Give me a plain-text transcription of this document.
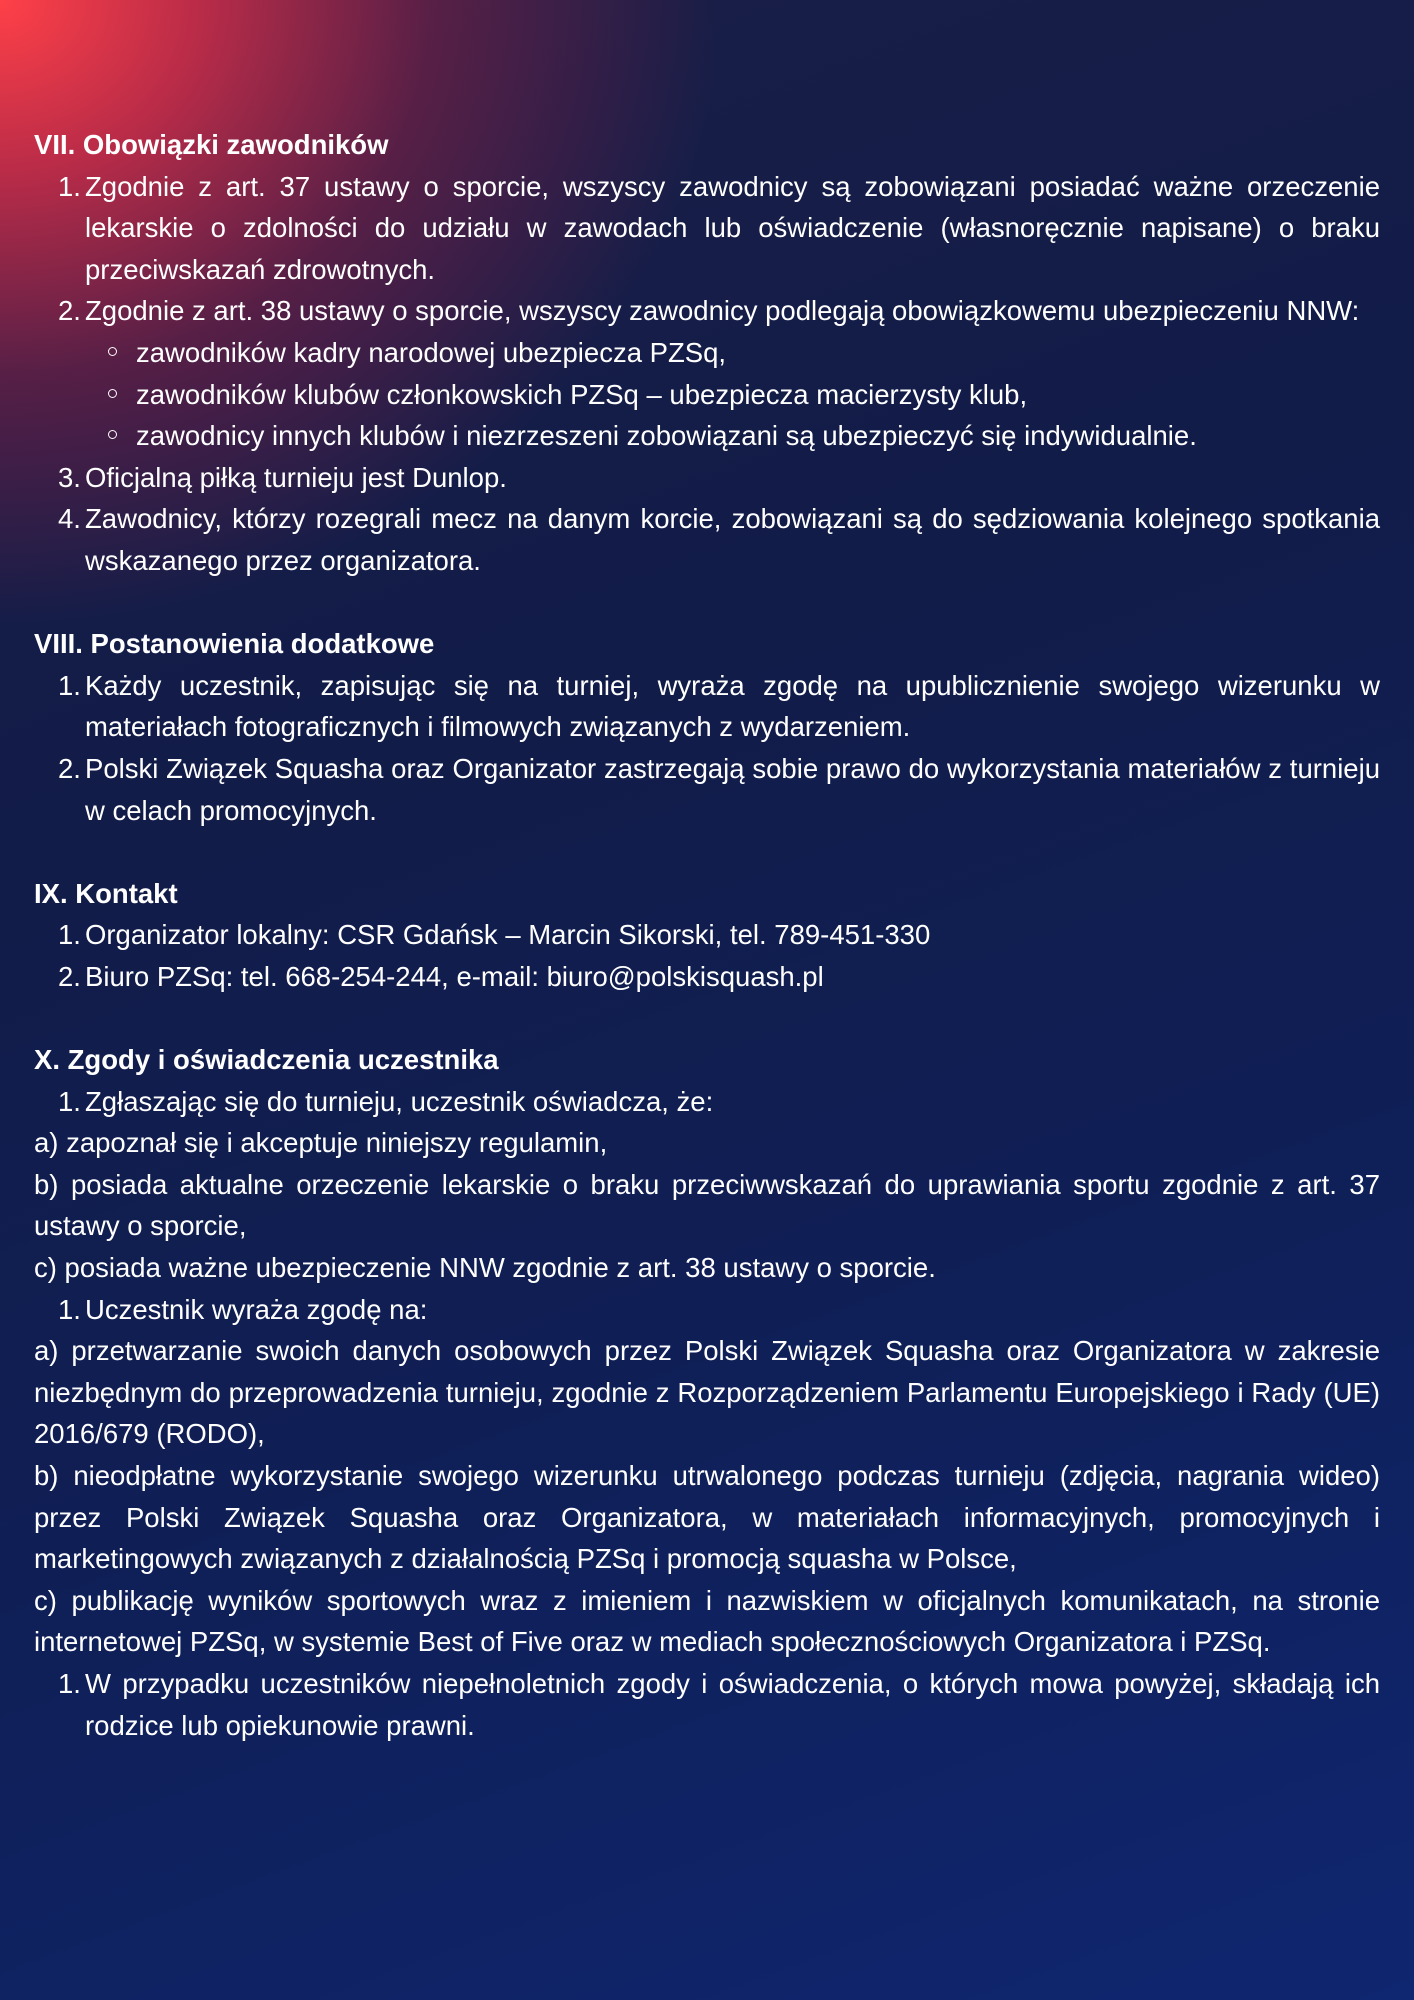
VII. Obowiązki zawodników

1. Zgodnie z art. 37 ustawy o sporcie, wszyscy zawodnicy są zobowiązani posiadać ważne orzeczenie lekarskie o zdolności do udziału w zawodach lub oświadczenie (własnoręcznie napisane) o braku przeciwskazań zdrowotnych.
2. Zgodnie z art. 38 ustawy o sporcie, wszyscy zawodnicy podlegają obowiązkowemu ubezpieczeniu NNW:
zawodników kadry narodowej ubezpiecza PZSq,
zawodników klubów członkowskich PZSq – ubezpiecza macierzysty klub,
zawodnicy innych klubów i niezrzeszeni zobowiązani są ubezpieczyć się indywidualnie.
3. Oficjalną piłką turnieju jest Dunlop.
4. Zawodnicy, którzy rozegrali mecz na danym korcie, zobowiązani są do sędziowania kolejnego spotkania wskazanego przez organizatora.

VIII. Postanowienia dodatkowe

1. Każdy uczestnik, zapisując się na turniej, wyraża zgodę na upublicznienie swojego wizerunku w materiałach fotograficznych i filmowych związanych z wydarzeniem.
2. Polski Związek Squasha oraz Organizator zastrzegają sobie prawo do wykorzystania materiałów z turnieju w celach promocyjnych.

IX. Kontakt

1. Organizator lokalny: CSR Gdańsk – Marcin Sikorski, tel. 789-451-330
2. Biuro PZSq: tel. 668-254-244, e-mail: biuro@polskisquash.pl

X. Zgody i oświadczenia uczestnika

1. Zgłaszając się do turnieju, uczestnik oświadcza, że:

a) zapoznał się i akceptuje niniejszy regulamin,

b) posiada aktualne orzeczenie lekarskie o braku przeciwwskazań do uprawiania sportu zgodnie z art. 37 ustawy o sporcie,

c) posiada ważne ubezpieczenie NNW zgodnie z art. 38 ustawy o sporcie.

1. Uczestnik wyraża zgodę na:

a) przetwarzanie swoich danych osobowych przez Polski Związek Squasha oraz Organizatora w zakresie niezbędnym do przeprowadzenia turnieju, zgodnie z Rozporządzeniem Parlamentu Europejskiego i Rady (UE) 2016/679 (RODO),

b) nieodpłatne wykorzystanie swojego wizerunku utrwalonego podczas turnieju (zdjęcia, nagrania wideo) przez Polski Związek Squasha oraz Organizatora, w materiałach informacyjnych, promocyjnych i marketingowych związanych z działalnością PZSq i promocją squasha w Polsce,

c) publikację wyników sportowych wraz z imieniem i nazwiskiem w oficjalnych komunikatach, na stronie internetowej PZSq, w systemie Best of Five oraz w mediach społecznościowych Organizatora i PZSq.

1. W przypadku uczestników niepełnoletnich zgody i oświadczenia, o których mowa powyżej, składają ich rodzice lub opiekunowie prawni.
